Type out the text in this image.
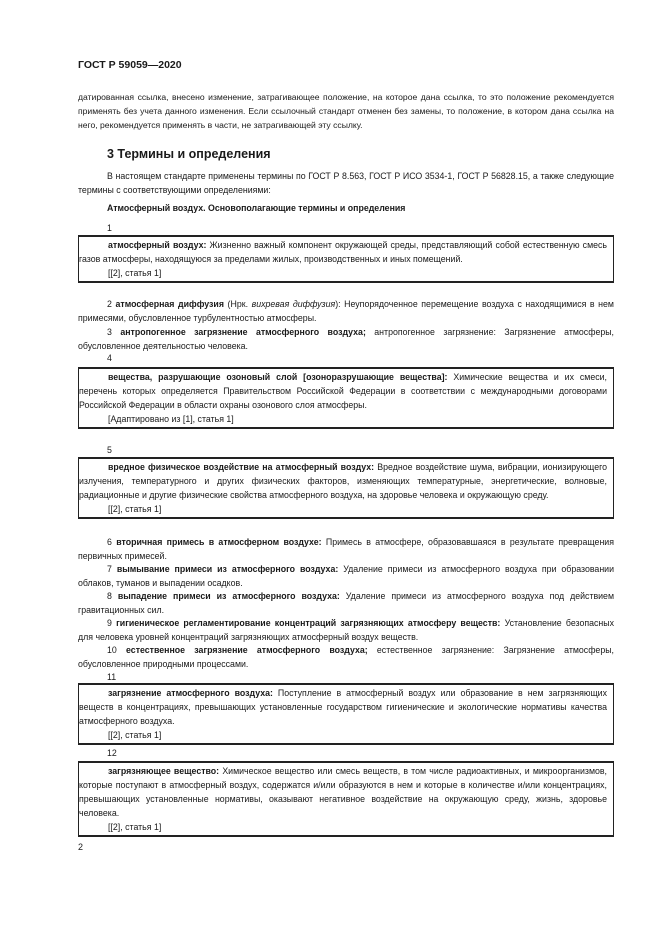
ГОСТ Р 59059—2020
датированная ссылка, внесено изменение, затрагивающее положение, на которое дана ссылка, то это положение рекомендуется применять без учета данного изменения. Если ссылочный стандарт отменен без замены, то положение, в котором дана ссылка на него, рекомендуется применять в части, не затрагивающей эту ссылку.
3 Термины и определения
В настоящем стандарте применены термины по ГОСТ Р 8.563, ГОСТ Р ИСО 3534-1, ГОСТ Р 56828.15, а также следующие термины с соответствующими определениями:
Атмосферный воздух. Основополагающие термины и определения
1
атмосферный воздух: Жизненно важный компонент окружающей среды, представляющий собой естественную смесь газов атмосферы, находящуюся за пределами жилых, производственных и иных помещений.
[[2], статья 1]
2 атмосферная диффузия (Нрк. вихревая диффузия): Неупорядоченное перемещение воздуха с находящимися в нем примесями, обусловленное турбулентностью атмосферы.
3 антропогенное загрязнение атмосферного воздуха; антропогенное загрязнение: Загрязнение атмосферы, обусловленное деятельностью человека.
4
вещества, разрушающие озоновый слой [озоноразрушающие вещества]: Химические вещества и их смеси, перечень которых определяется Правительством Российской Федерации в соответствии с международными договорами Российской Федерации в области охраны озонового слоя атмосферы.
[Адаптировано из [1], статья 1]
5
вредное физическое воздействие на атмосферный воздух: Вредное воздействие шума, вибрации, ионизирующего излучения, температурного и других физических факторов, изменяющих температурные, энергетические, волновые, радиационные и другие физические свойства атмосферного воздуха, на здоровье человека и окружающую среду.
[[2], статья 1]
6 вторичная примесь в атмосферном воздухе: Примесь в атмосфере, образовавшаяся в результате превращения первичных примесей.
7 вымывание примеси из атмосферного воздуха: Удаление примеси из атмосферного воздуха при образовании облаков, туманов и выпадении осадков.
8 выпадение примеси из атмосферного воздуха: Удаление примеси из атмосферного воздуха под действием гравитационных сил.
9 гигиеническое регламентирование концентраций загрязняющих атмосферу веществ: Установление безопасных для человека уровней концентраций загрязняющих атмосферный воздух веществ.
10 естественное загрязнение атмосферного воздуха; естественное загрязнение: Загрязнение атмосферы, обусловленное природными процессами.
11
загрязнение атмосферного воздуха: Поступление в атмосферный воздух или образование в нем загрязняющих веществ в концентрациях, превышающих установленные государством гигиенические и экологические нормативы качества атмосферного воздуха.
[[2], статья 1]
12
загрязняющее вещество: Химическое вещество или смесь веществ, в том числе радиоактивных, и микроорганизмов, которые поступают в атмосферный воздух, содержатся и/или образуются в нем и которые в количестве и/или концентрациях, превышающих установленные нормативы, оказывают негативное воздействие на окружающую среду, жизнь, здоровье человека.
[[2], статья 1]
2
